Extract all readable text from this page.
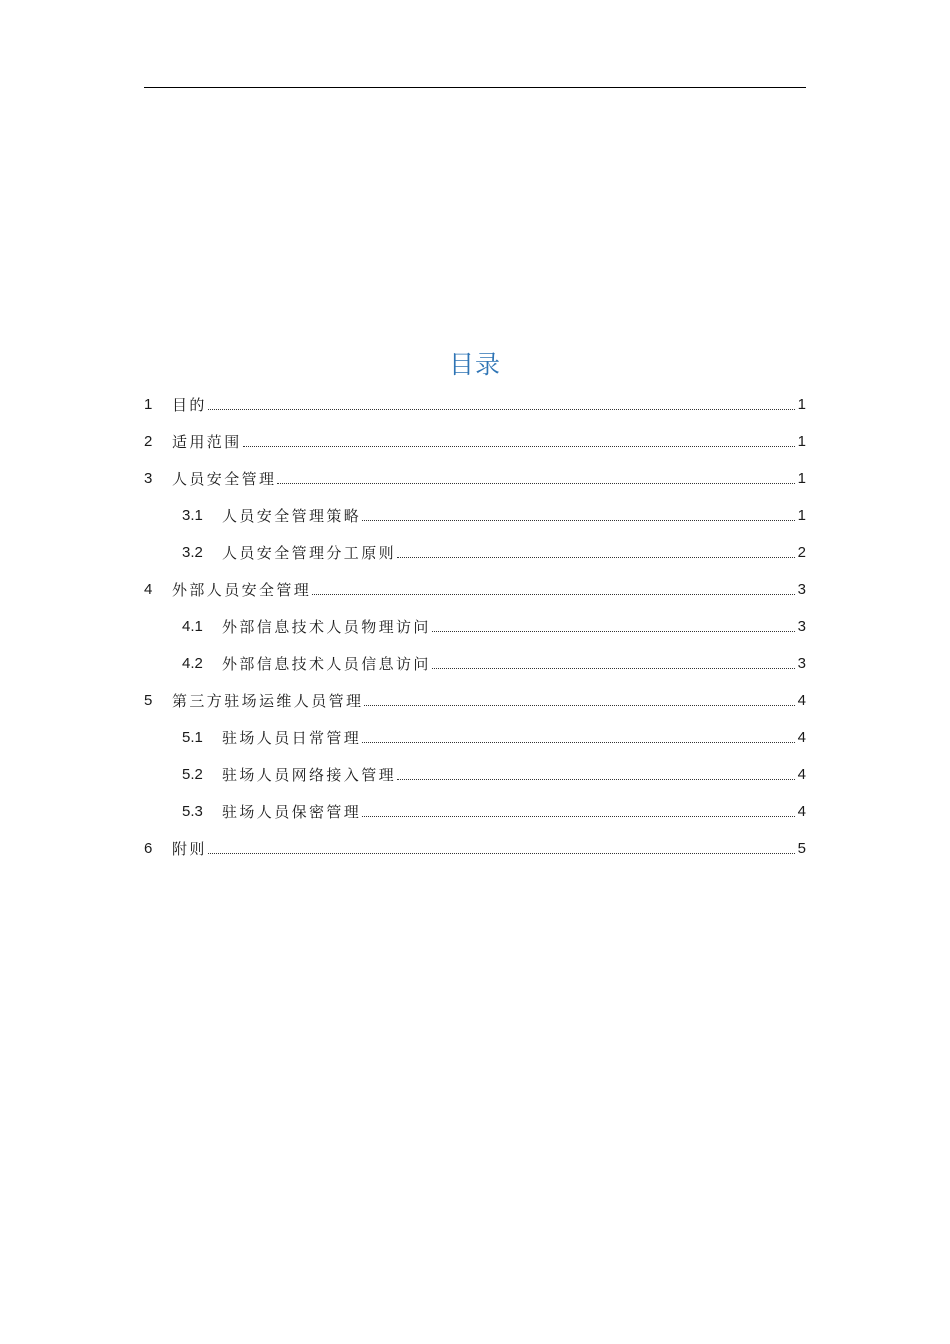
目录
1	目的	1
2	适用范围	1
3	人员安全管理	1
3.1	人员安全管理策略	1
3.2	人员安全管理分工原则	2
4	外部人员安全管理	3
4.1	外部信息技术人员物理访问	3
4.2	外部信息技术人员信息访问	3
5	第三方驻场运维人员管理	4
5.1	驻场人员日常管理	4
5.2	驻场人员网络接入管理	4
5.3	驻场人员保密管理	4
6	附则	5
